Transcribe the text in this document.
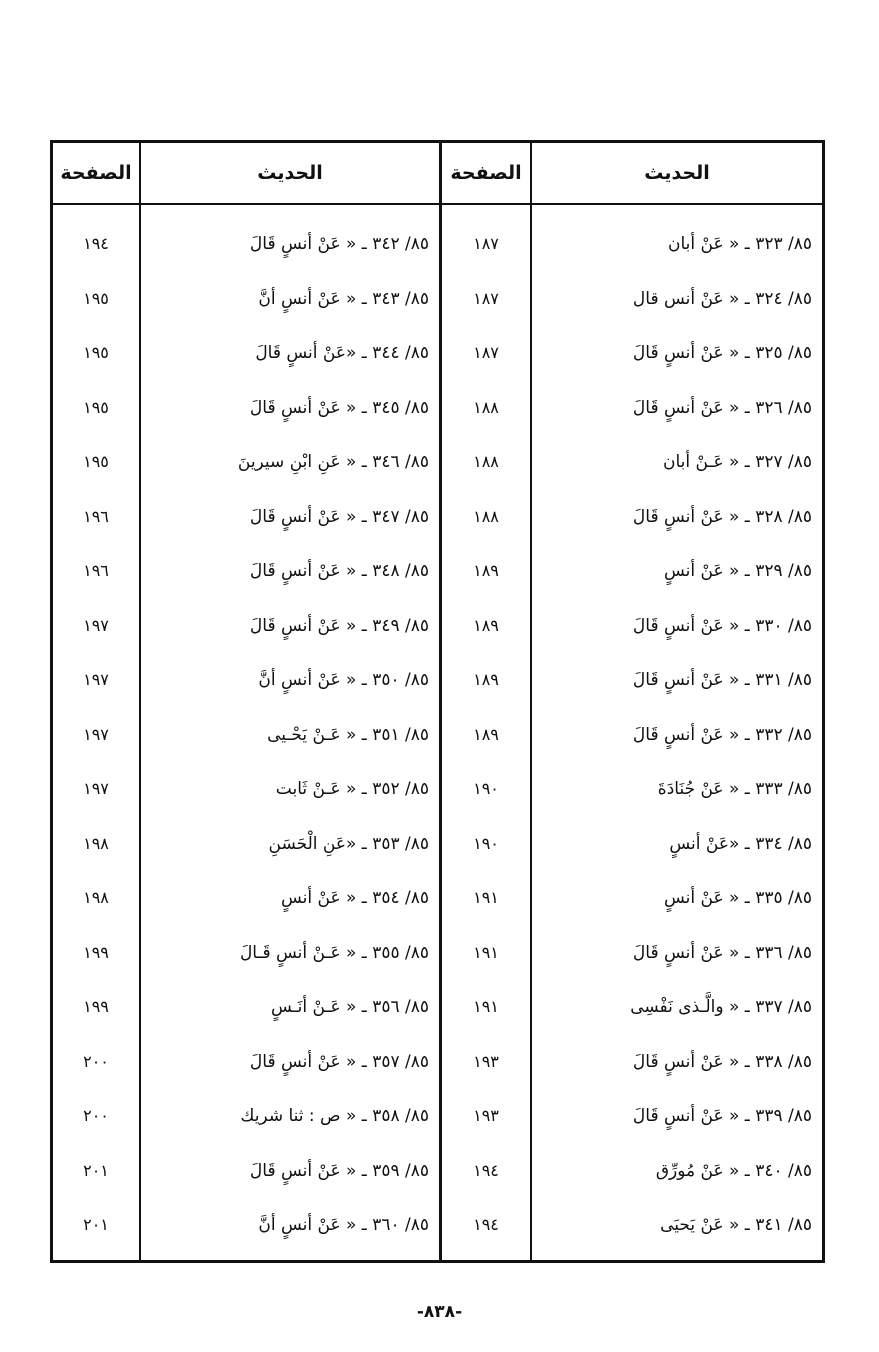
الحديث
الصفحة
الحديث
الصفحة
٨٥/ ٣٢٣ ـ « عَنْ أبان
١٨٧
٨٥/ ٣٤٢ ـ « عَنْ أنسٍ قَالَ
١٩٤
٨٥/ ٣٢٤ ـ « عَنْ أنس قال
١٨٧
٨٥/ ٣٤٣ ـ « عَنْ أنسٍ أنَّ
١٩٥
٨٥/ ٣٢٥ ـ « عَنْ أنسٍ قَالَ
١٨٧
٨٥/ ٣٤٤ ـ «عَنْ أنسٍ قَالَ
١٩٥
٨٥/ ٣٢٦ ـ « عَنْ أنسٍ قَالَ
١٨٨
٨٥/ ٣٤٥ ـ « عَنْ أنسٍ قَالَ
١٩٥
٨٥/ ٣٢٧ ـ « عَـنْ أبان
١٨٨
٨٥/ ٣٤٦ ـ « عَنِ ابْنِ سيرينَ
١٩٥
٨٥/ ٣٢٨ ـ « عَنْ أنسٍ قَالَ
١٨٨
٨٥/ ٣٤٧ ـ « عَنْ أنسٍ قَالَ
١٩٦
٨٥/ ٣٢٩ ـ « عَنْ أنسٍ
١٨٩
٨٥/ ٣٤٨ ـ « عَنْ أنسٍ قَالَ
١٩٦
٨٥/ ٣٣٠ ـ « عَنْ أنسٍ قَالَ
١٨٩
٨٥/ ٣٤٩ ـ « عَنْ أنسٍ قَالَ
١٩٧
٨٥/ ٣٣١ ـ « عَنْ أنسٍ قَالَ
١٨٩
٨٥/ ٣٥٠ ـ « عَنْ أنسٍ أنَّ
١٩٧
٨٥/ ٣٣٢ ـ « عَنْ أنسٍ قَالَ
١٨٩
٨٥/ ٣٥١ ـ « عَـنْ يَحْـيى
١٩٧
٨٥/ ٣٣٣ ـ « عَنْ جُنَادَةَ
١٩٠
٨٥/ ٣٥٢ ـ « عَـنْ ثَابت
١٩٧
٨٥/ ٣٣٤ ـ «عَنْ أنسٍ
١٩٠
٨٥/ ٣٥٣ ـ «عَنِ الْحَسَنِ
١٩٨
٨٥/ ٣٣٥ ـ « عَنْ أنسٍ
١٩١
٨٥/ ٣٥٤ ـ « عَنْ أنسٍ
١٩٨
٨٥/ ٣٣٦ ـ « عَنْ أنسٍ قَالَ
١٩١
٨٥/ ٣٥٥ ـ « عَـنْ أنسٍ قَـالَ
١٩٩
٨٥/ ٣٣٧ ـ « والَّـذى نَفْسِى
١٩١
٨٥/ ٣٥٦ ـ « عَـنْ أنَـسٍ
١٩٩
٨٥/ ٣٣٨ ـ « عَنْ أنسٍ قَالَ
١٩٣
٨٥/ ٣٥٧ ـ « عَنْ أنسٍ قَالَ
٢٠٠
٨٥/ ٣٣٩ ـ « عَنْ أنسٍ قَالَ
١٩٣
٨٥/ ٣٥٨ ـ « ص : ثنا شريك
٢٠٠
٨٥/ ٣٤٠ ـ « عَنْ مُورِّق
١٩٤
٨٥/ ٣٥٩ ـ « عَنْ أنسٍ قَالَ
٢٠١
٨٥/ ٣٤١ ـ « عَنْ يَحيَى
١٩٤
٨٥/ ٣٦٠ ـ « عَنْ أنسٍ أنَّ
٢٠١
-٨٣٨-
